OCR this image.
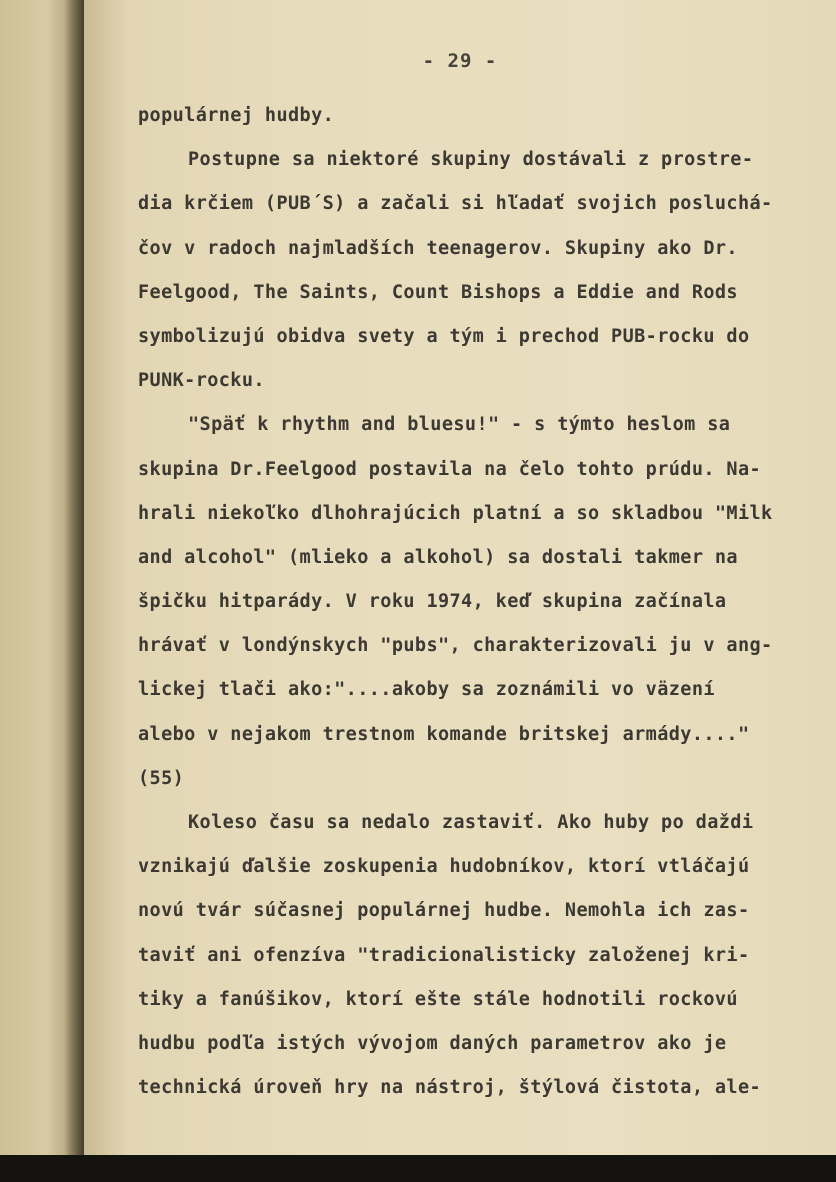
- 29 -
populárnej hudby.
Postupne sa niektoré skupiny dostávali z prostre-
dia krčiem (PUB´S) a začali si hľadať svojich posluchá-
čov v radoch najmladších teenagerov. Skupiny ako Dr.
Feelgood, The Saints, Count Bishops a Eddie and Rods
symbolizujú obidva svety a tým i prechod PUB-rocku do
PUNK-rocku.
"Späť k rhythm and bluesu!" - s týmto heslom sa
skupina Dr.Feelgood postavila na čelo tohto prúdu. Na-
hrali niekoľko dlhohrajúcich platní a so skladbou "Milk
and alcohol" (mlieko a alkohol) sa dostali takmer na
špičku hitparády. V roku 1974, keď skupina začínala
hrávať v londýnskych "pubs", charakterizovali ju v ang-
lickej tlači ako:"....akoby sa zoznámili vo väzení
alebo v nejakom trestnom komande britskej armády...."
(55)
Koleso času sa nedalo zastaviť. Ako huby po daždi
vznikajú ďalšie zoskupenia hudobníkov, ktorí vtláčajú
novú tvár súčasnej populárnej hudbe. Nemohla ich zas-
taviť ani ofenzíva "tradicionalisticky založenej kri-
tiky a fanúšikov, ktorí ešte stále hodnotili rockovú
hudbu podľa istých vývojom daných parametrov ako je
technická úroveň hry na nástroj, štýlová čistota, ale-
